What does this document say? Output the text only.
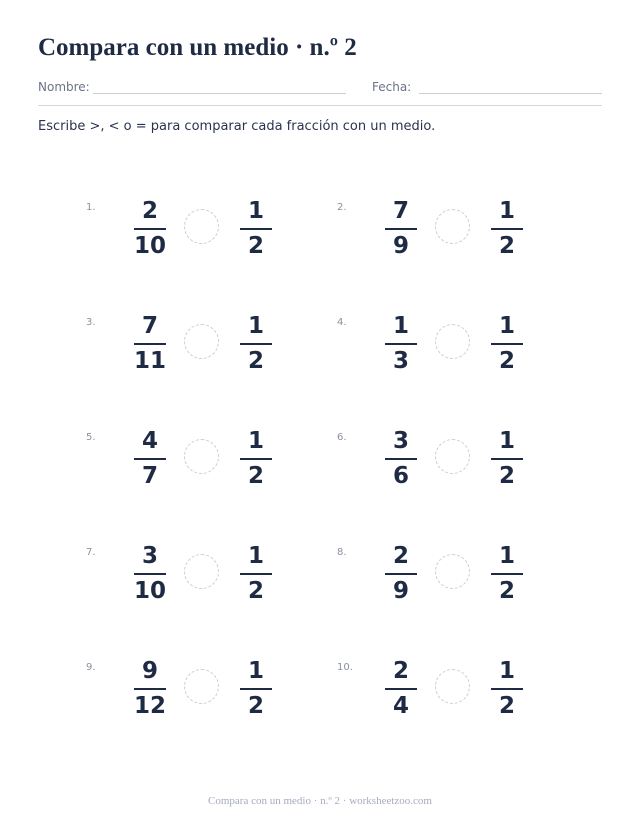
Compara con un medio · n.º 2
Nombre:	Fecha:
Escribe >, < o = para comparar cada fracción con un medio.
1.	2
10
1
2
2.	7
9
1
2
3.	7
11
1
2
4.	1
3
1
2
5.	4
7
1
2
6.	3
6
1
2
7.	3
10
1
2
8.	2
9
1
2
9.	9
12
1
2
10.	2
4
1
2
Compara con un medio · n.º 2 · worksheetzoo.com
